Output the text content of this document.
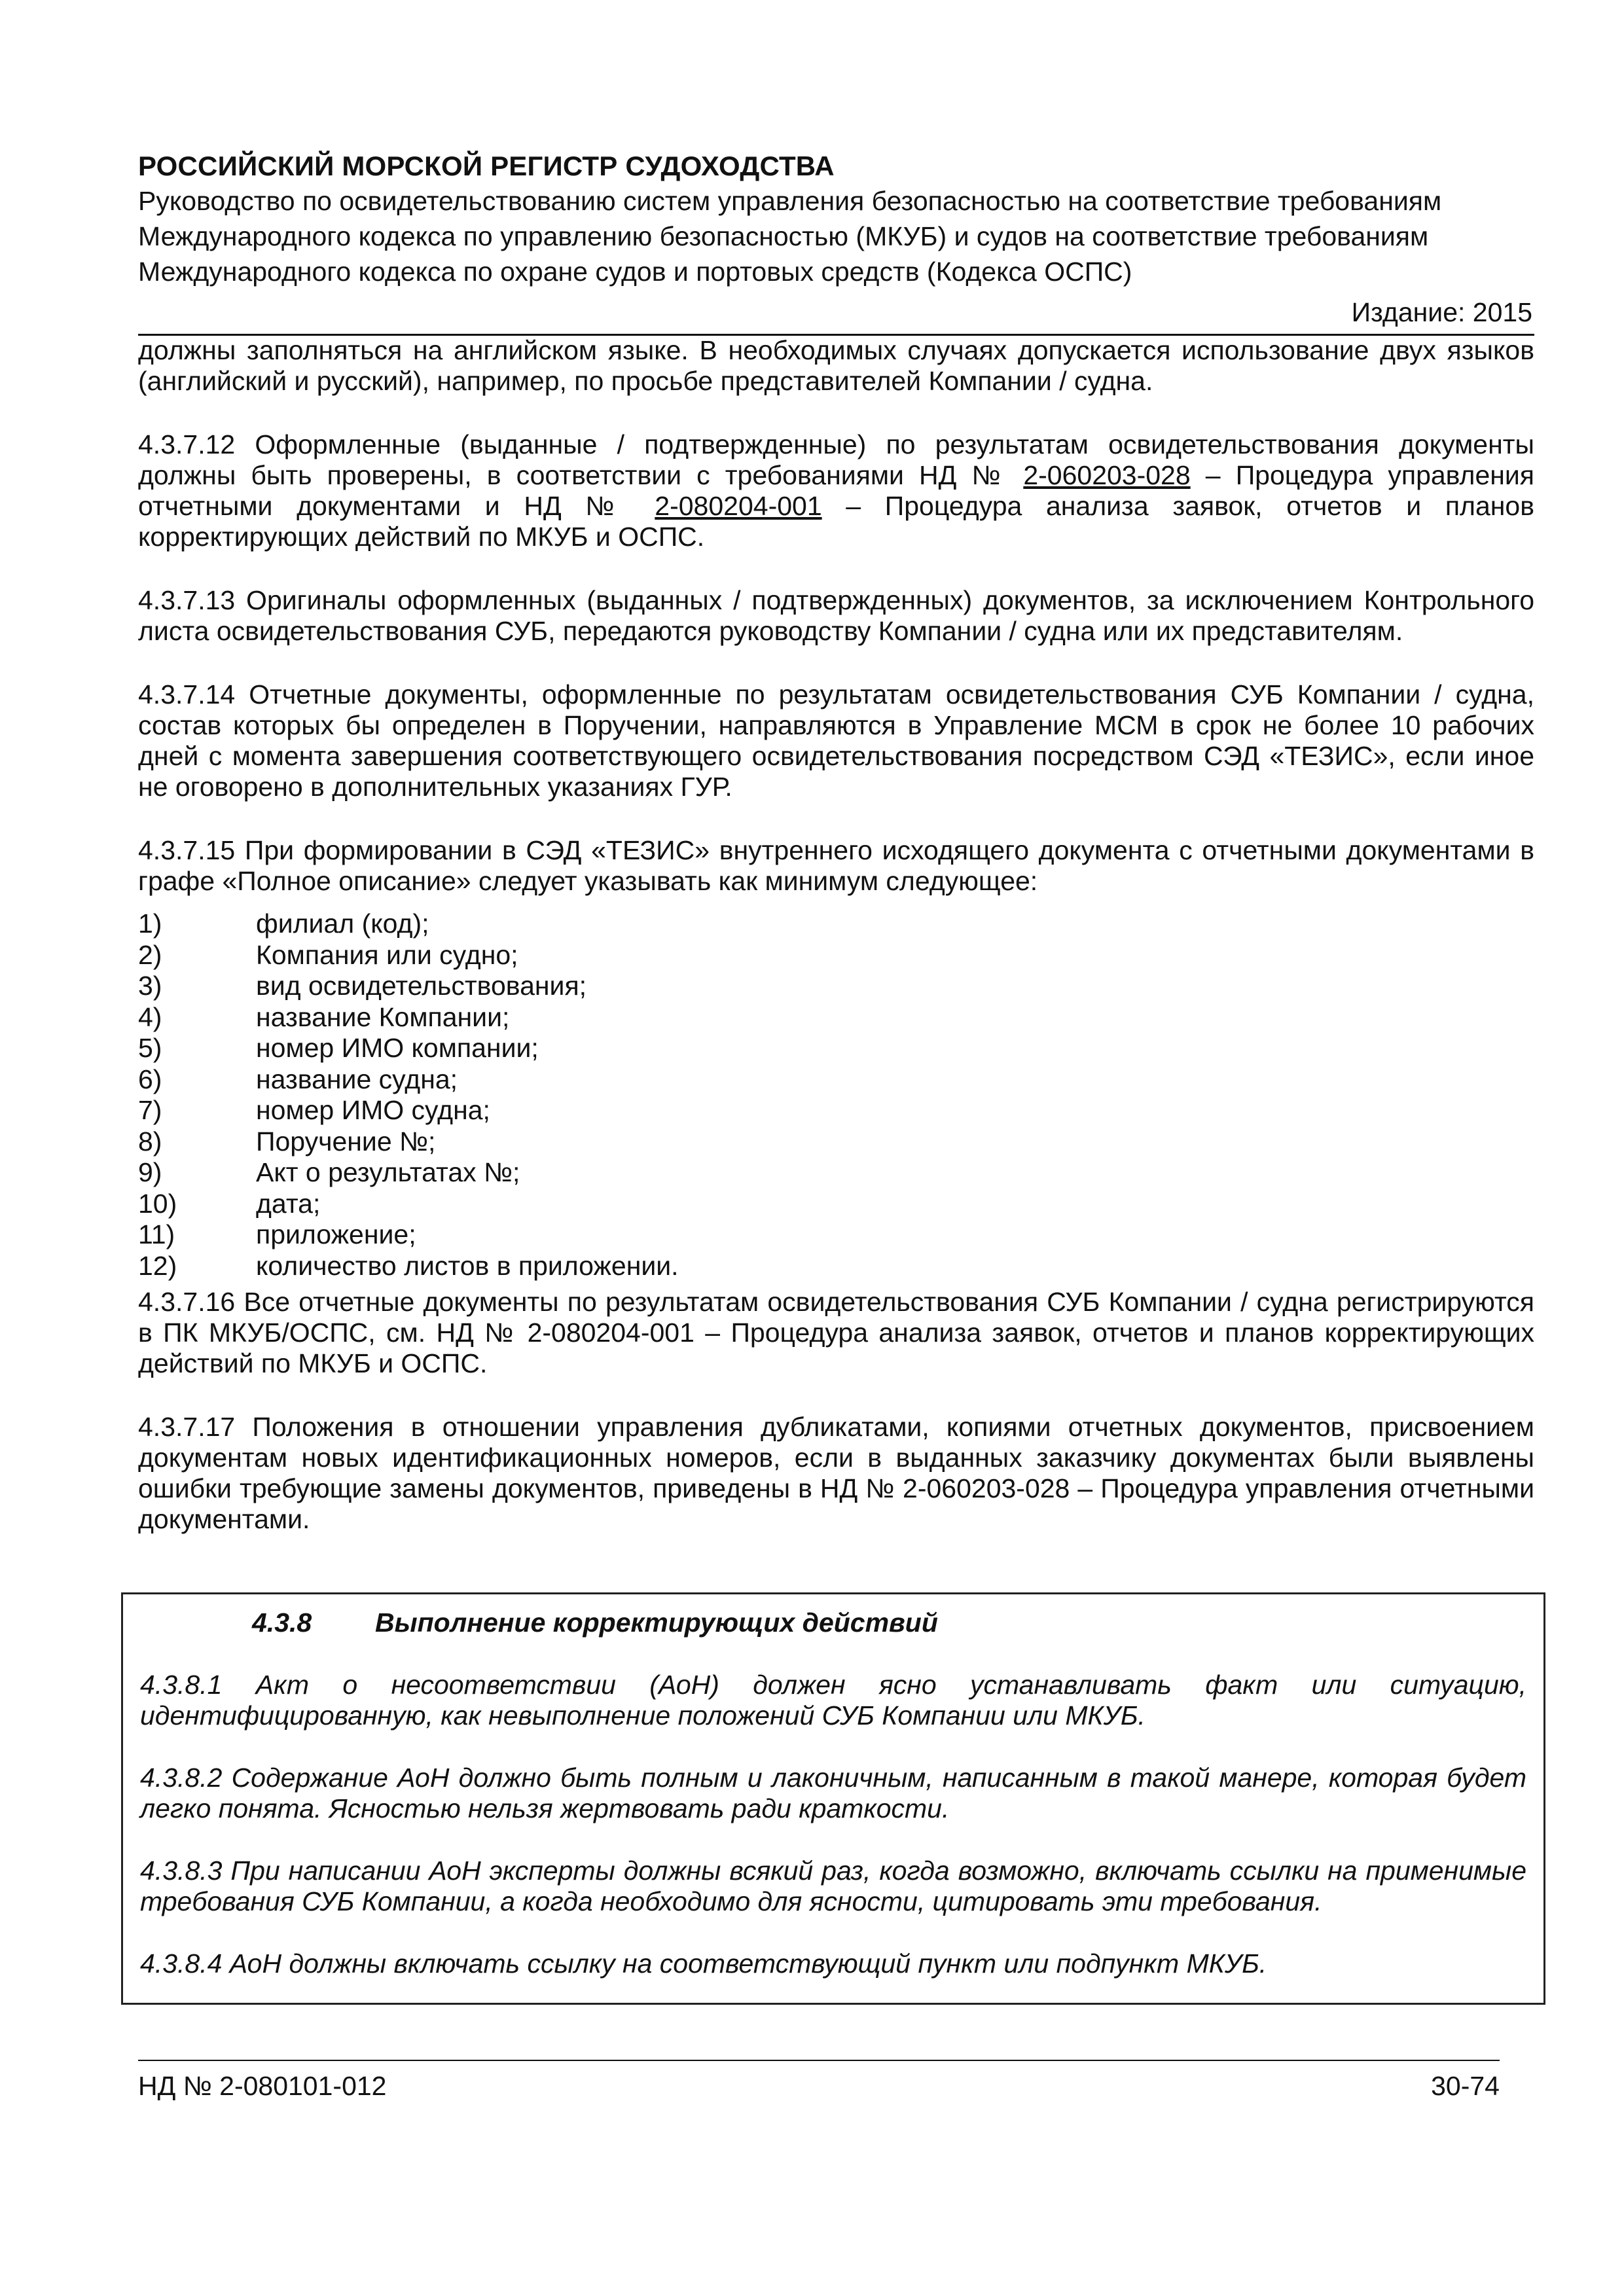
РОССИЙСКИЙ МОРСКОЙ РЕГИСТР СУДОХОДСТВА
Руководство по освидетельствованию систем управления безопасностью на соответствие требованиям
Международного кодекса по управлению безопасностью (МКУБ) и судов на соответствие требованиям
Международного кодекса по охране судов и портовых средств (Кодекса ОСПС)
Издание: 2015

должны заполняться на английском языке. В необходимых случаях допускается использование двух языков (английский и русский), например, по просьбе представителей Компании / судна.

4.3.7.12 Оформленные (выданные / подтвержденные) по результатам освидетельствования документы должны быть проверены, в соответствии с требованиями НД № 2-060203-028 – Процедура управления отчетными документами и НД № 2-080204-001 – Процедура анализа заявок, отчетов и планов корректирующих действий по МКУБ и ОСПС.

4.3.7.13 Оригиналы оформленных (выданных / подтвержденных) документов, за исключением Контрольного листа освидетельствования СУБ, передаются руководству Компании / судна или их представителям.

4.3.7.14 Отчетные документы, оформленные по результатам освидетельствования СУБ Компании / судна, состав которых бы определен в Поручении, направляются в Управление МСМ в срок не более 10 рабочих дней с момента завершения соответствующего освидетельствования посредством СЭД «ТЕЗИС», если иное не оговорено в дополнительных указаниях ГУР.

4.3.7.15 При формировании в СЭД «ТЕЗИС» внутреннего исходящего документа с отчетными документами в графе «Полное описание» следует указывать как минимум следующее:

1)	филиал (код);
2)	Компания или судно;
3)	вид освидетельствования;
4)	название Компании;
5)	номер ИМО компании;
6)	название судна;
7)	номер ИМО судна;
8)	Поручение №;
9)	Акт о результатах №;
10)	дата;
11)	приложение;
12)	количество листов в приложении.

4.3.7.16 Все отчетные документы по результатам освидетельствования СУБ Компании / судна регистрируются в ПК МКУБ/ОСПС, см. НД № 2-080204-001 – Процедура анализа заявок, отчетов и планов корректирующих действий по МКУБ и ОСПС.

4.3.7.17 Положения в отношении управления дубликатами, копиями отчетных документов, присвоением документам новых идентификационных номеров, если в выданных заказчику документах были выявлены ошибки требующие замены документов, приведены в НД № 2-060203-028 – Процедура управления отчетными документами.

4.3.8	Выполнение корректирующих действий

4.3.8.1 Акт о несоответствии (АоН) должен ясно устанавливать факт или ситуацию, идентифицированную, как невыполнение положений СУБ Компании или МКУБ.

4.3.8.2 Содержание АоН должно быть полным и лаконичным, написанным в такой манере, которая будет легко понята. Ясностью нельзя жертвовать ради краткости.

4.3.8.3 При написании АоН эксперты должны всякий раз, когда возможно, включать ссылки на применимые требования СУБ Компании, а когда необходимо для ясности, цитировать эти требования.

4.3.8.4 АоН должны включать ссылку на соответствующий пункт или подпункт МКУБ.

НД № 2-080101-012	30-74
